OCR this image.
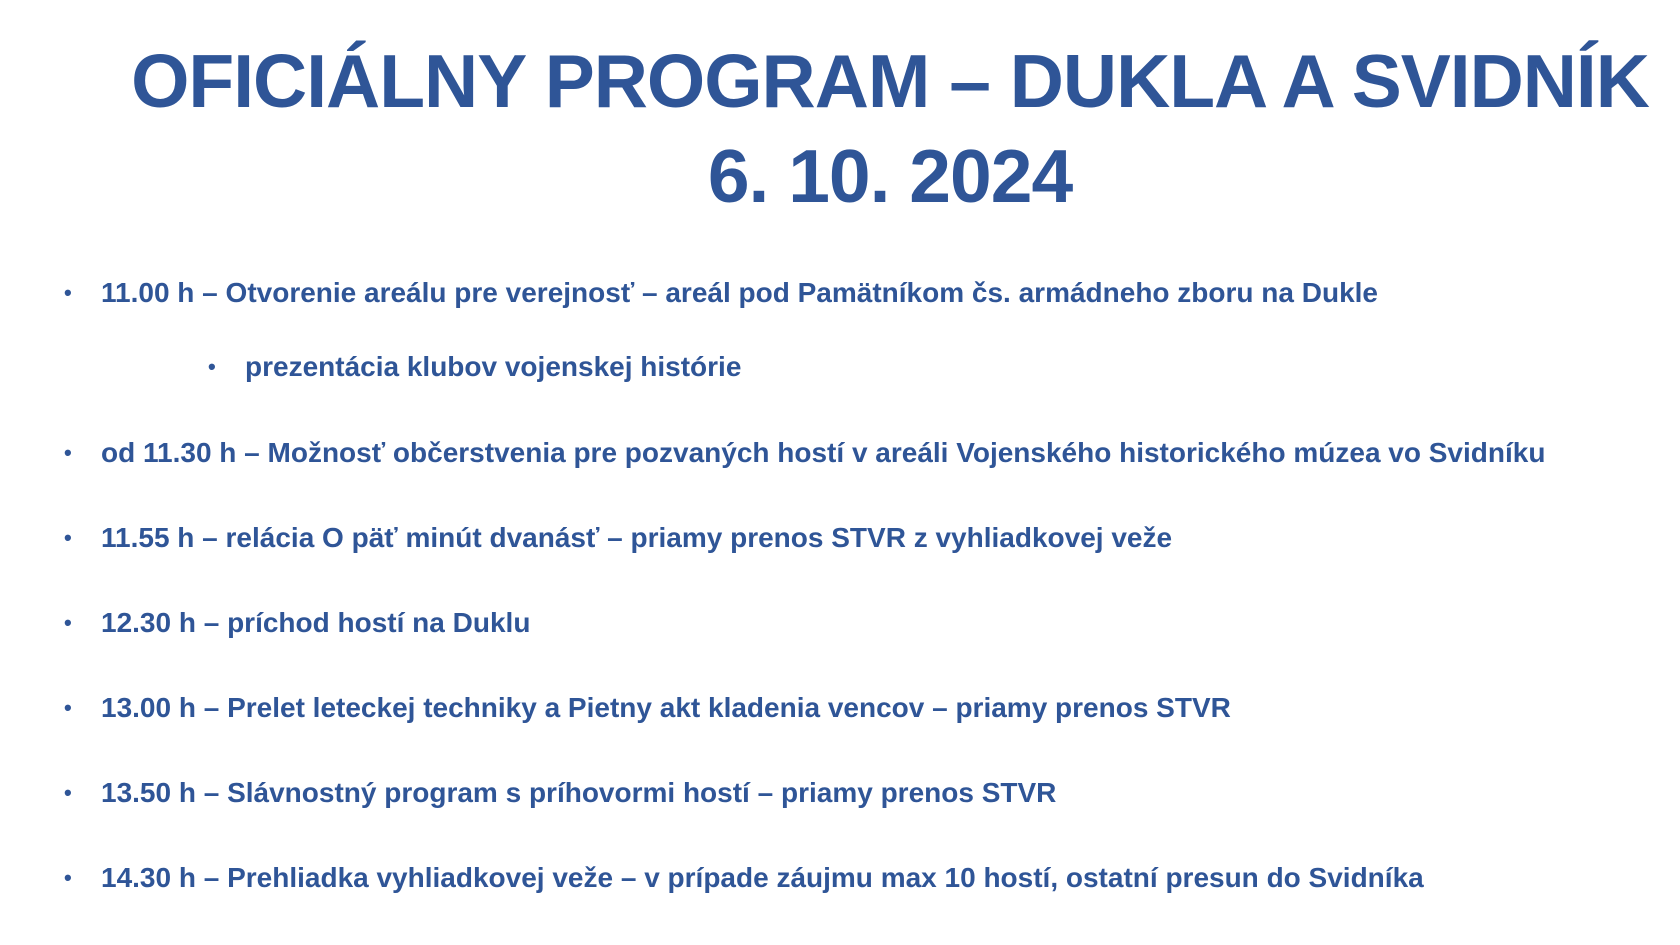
OFICIÁLNY PROGRAM – DUKLA A SVIDNÍK
6. 10. 2024
• 11.00 h – Otvorenie areálu pre verejnosť – areál pod Pamätníkom čs. armádneho zboru na Dukle
• prezentácia klubov vojenskej histórie
• od 11.30 h – Možnosť občerstvenia pre pozvaných hostí v areáli Vojenského historického múzea vo Svidníku
• 11.55 h – relácia O päť minút dvanásť – priamy prenos STVR z vyhliadkovej veže
• 12.30 h – príchod hostí na Duklu
• 13.00 h – Prelet leteckej techniky a Pietny akt kladenia vencov – priamy prenos STVR
• 13.50 h – Slávnostný program s príhovormi hostí – priamy prenos STVR
• 14.30 h – Prehliadka vyhliadkovej veže – v prípade záujmu max 10 hostí, ostatní presun do Svidníka
